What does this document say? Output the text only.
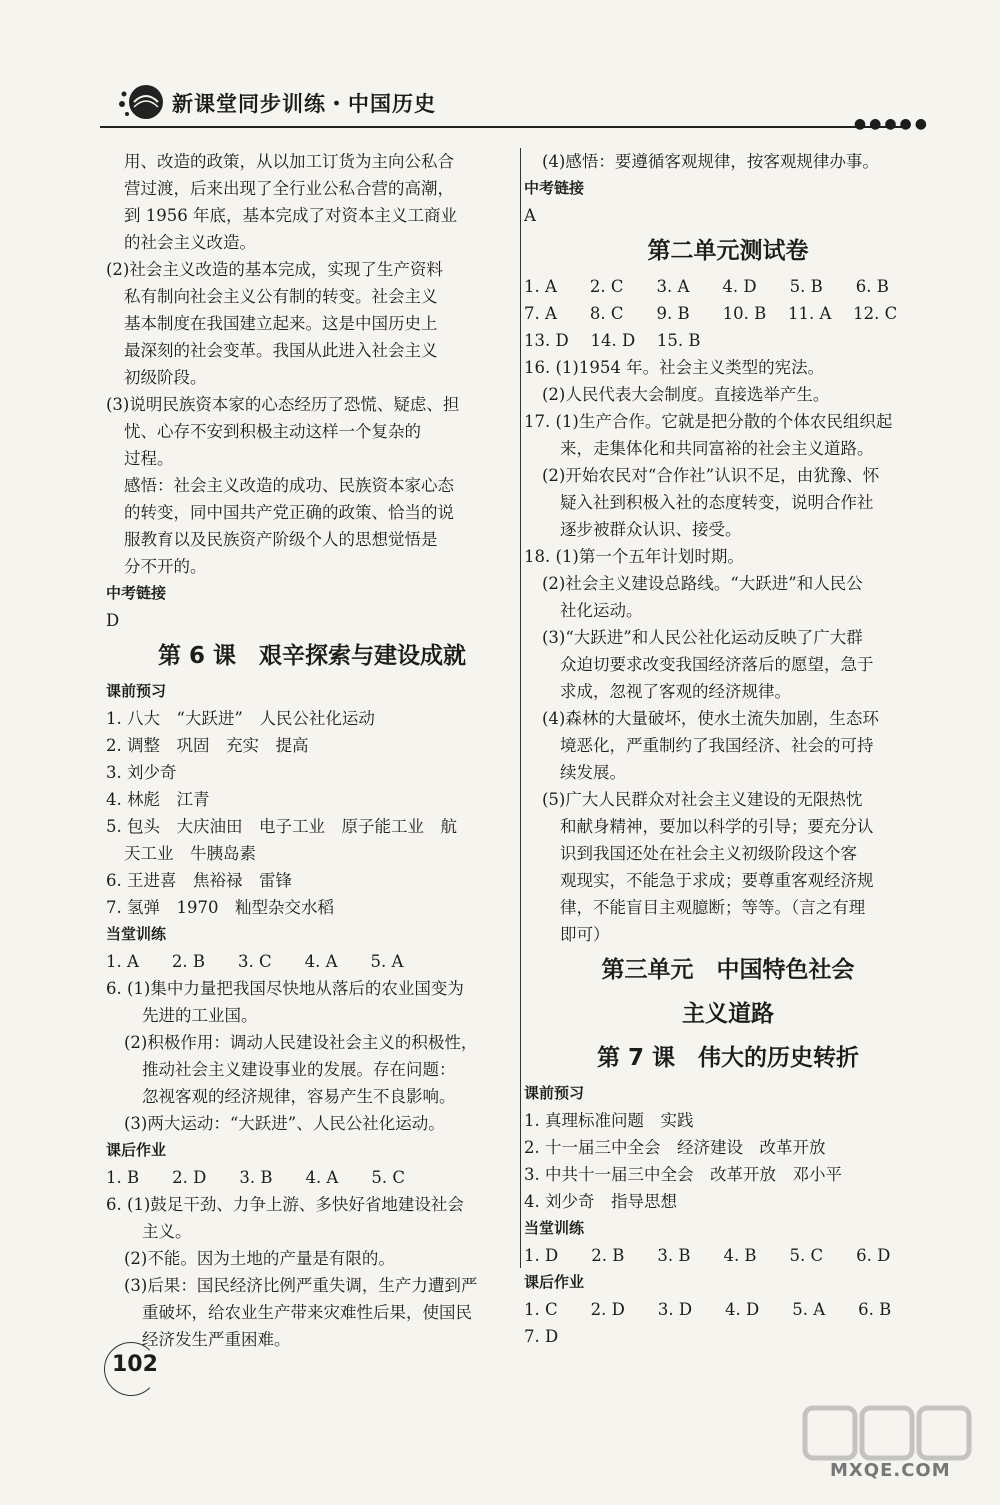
新课堂同步训练・中国历史
●●●●●
用、改造的政策，从以加工订货为主向公私合
营过渡，后来出现了全行业公私合营的高潮，
到 1956 年底，基本完成了对资本主义工商业
的社会主义改造。
(2)社会主义改造的基本完成，实现了生产资料
私有制向社会主义公有制的转变。社会主义
基本制度在我国建立起来。这是中国历史上
最深刻的社会变革。我国从此进入社会主义
初级阶段。
(3)说明民族资本家的心态经历了恐慌、疑虑、担
忧、心存不安到积极主动这样一个复杂的
过程。
感悟：社会主义改造的成功、民族资本家心态
的转变，同中国共产党正确的政策、恰当的说
服教育以及民族资产阶级个人的思想觉悟是
分不开的。
中考链接
D
第 6 课　艰辛探索与建设成就
课前预习
1. 八大　“大跃进”　人民公社化运动
2. 调整　巩固　充实　提高
3. 刘少奇
4. 林彪　江青
5. 包头　大庆油田　电子工业　原子能工业　航
天工业　牛胰岛素
6. 王进喜　焦裕禄　雷锋
7. 氢弹　1970　籼型杂交水稻
当堂训练
1. A　　2. B　　3. C　　4. A　　5. A
6. (1)集中力量把我国尽快地从落后的农业国变为
先进的工业国。
(2)积极作用：调动人民建设社会主义的积极性，
推动社会主义建设事业的发展。存在问题：
忽视客观的经济规律，容易产生不良影响。
(3)两大运动：“大跃进”、人民公社化运动。
课后作业
1. B　　2. D　　3. B　　4. A　　5. C
6. (1)鼓足干劲、力争上游、多快好省地建设社会
主义。
(2)不能。因为土地的产量是有限的。
(3)后果：国民经济比例严重失调，生产力遭到严
重破坏，给农业生产带来灾难性后果，使国民
经济发生严重困难。
(4)感悟：要遵循客观规律，按客观规律办事。
中考链接
A
第二单元测试卷
1. A　　2. C　　3. A　　4. D　　5. B　　6. B
7. A　　8. C　　9. B　　10. B　 11. A　 12. C
13. D　 14. D　 15. B
16. (1)1954 年。社会主义类型的宪法。
(2)人民代表大会制度。直接选举产生。
17. (1)生产合作。它就是把分散的个体农民组织起
来，走集体化和共同富裕的社会主义道路。
(2)开始农民对“合作社”认识不足，由犹豫、怀
疑入社到积极入社的态度转变，说明合作社
逐步被群众认识、接受。
18. (1)第一个五年计划时期。
(2)社会主义建设总路线。“大跃进”和人民公
社化运动。
(3)“大跃进”和人民公社化运动反映了广大群
众迫切要求改变我国经济落后的愿望，急于
求成，忽视了客观的经济规律。
(4)森林的大量破坏，使水土流失加剧，生态环
境恶化，严重制约了我国经济、社会的可持
续发展。
(5)广大人民群众对社会主义建设的无限热忱
和献身精神，要加以科学的引导；要充分认
识到我国还处在社会主义初级阶段这个客
观现实，不能急于求成；要尊重客观经济规
律，不能盲目主观臆断；等等。（言之有理
即可）
第三单元　中国特色社会
主义道路
第 7 课　伟大的历史转折
课前预习
1. 真理标准问题　实践
2. 十一届三中全会　经济建设　改革开放
3. 中共十一届三中全会　改革开放　邓小平
4. 刘少奇　指导思想
当堂训练
1. D　　2. B　　3. B　　4. B　　5. C　　6. D
课后作业
1. C　　2. D　　3. D　　4. D　　5. A　　6. B
7. D
102
MXQE.COM
